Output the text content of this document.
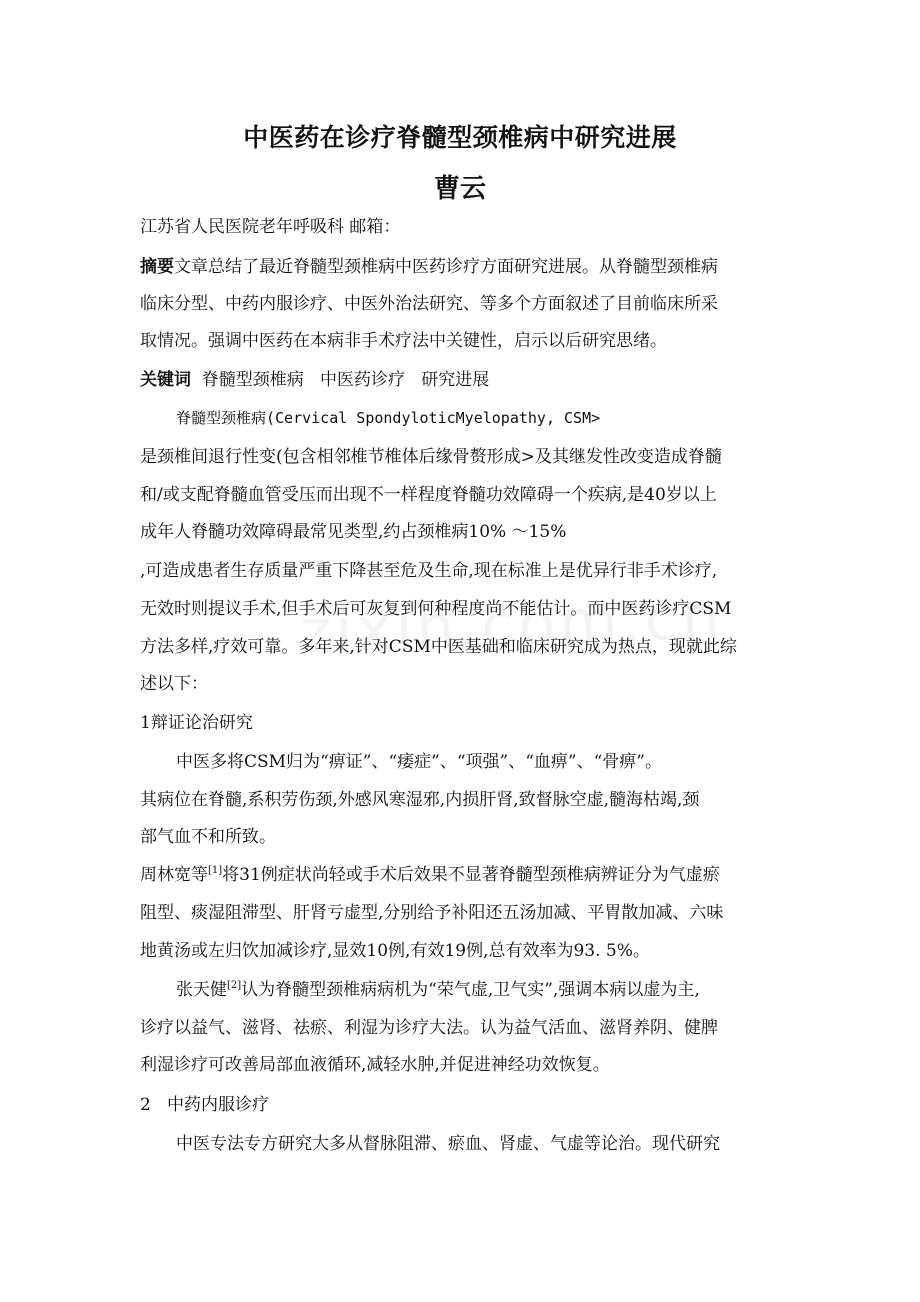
中医药在诊疗脊髓型颈椎病中研究进展
曹云
江苏省人民医院老年呼吸科 邮箱：
摘要文章总结了最近脊髓型颈椎病中医药诊疗方面研究进展。从脊髓型颈椎病
临床分型、中药内服诊疗、中医外治法研究、等多个方面叙述了目前临床所采
取情况。强调中医药在本病非手术疗法中关键性，启示以后研究思绪。
关键词  脊髓型颈椎病   中医药诊疗   研究进展
脊髓型颈椎病(Cervical SpondyloticMyelopathy, CSM>
是颈椎间退行性变(包含相邻椎节椎体后缘骨赘形成>及其继发性改变造成脊髓
和/或支配脊髓血管受压而出现不一样程度脊髓功效障碍一个疾病,是40岁以上
成年人脊髓功效障碍最常见类型,约占颈椎病10% ～15%
,可造成患者生存质量严重下降甚至危及生命,现在标准上是优异行非手术诊疗,
无效时则提议手术,但手术后可灰复到何种程度尚不能估计。而中医药诊疗CSM
方法多样,疗效可靠。多年来,针对CSM中医基础和临床研究成为热点，现就此综
述以下：
1辩证论治研究
中医多将CSM归为“痹证”、“痿症”、“项强”、“血痹”、“骨痹”。
其病位在脊髓,系积劳伤颈,外感风寒湿邪,内损肝肾,致督脉空虚,髓海枯竭,颈
部气血不和所致。
周林宽等[1]将31例症状尚轻或手术后效果不显著脊髓型颈椎病辨证分为气虚瘀
阻型、痰湿阻滞型、肝肾亏虚型,分别给予补阳还五汤加减、平胃散加减、六味
地黄汤或左归饮加减诊疗,显效10例,有效19例,总有效率为93. 5%。
张天健[2]认为脊髓型颈椎病病机为“荣气虚,卫气实”,强调本病以虚为主,
诊疗以益气、滋肾、祛瘀、利湿为诊疗大法。认为益气活血、滋肾养阴、健脾
利湿诊疗可改善局部血液循环,减轻水肿,并促进神经功效恢复。
2   中药内服诊疗
中医专法专方研究大多从督脉阻滞、瘀血、肾虚、气虚等论治。现代研究
